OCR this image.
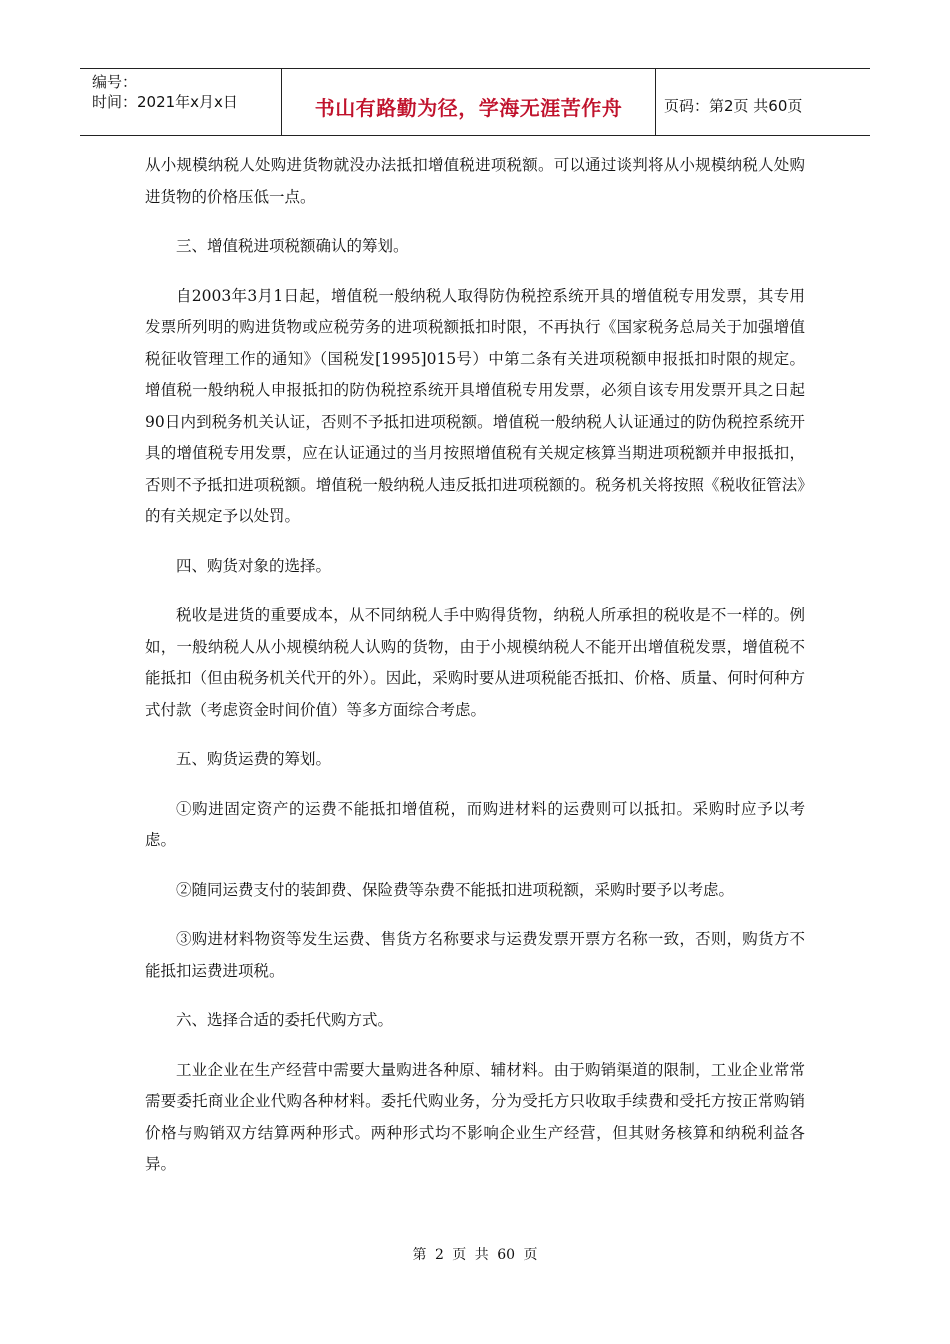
编号：
时间：2021年x月x日	书山有路勤为径，学海无涯苦作舟	页码：第2页 共60页

从小规模纳税人处购进货物就没办法抵扣增值税进项税额。可以通过谈判将从小规模纳税人处购进货物的价格压低一点。

三、增值税进项税额确认的筹划。

自2003年3月1日起，增值税一般纳税人取得防伪税控系统开具的增值税专用发票，其专用发票所列明的购进货物或应税劳务的进项税额抵扣时限，不再执行《国家税务总局关于加强增值税征收管理工作的通知》（国税发[1995]015号）中第二条有关进项税额申报抵扣时限的规定。增值税一般纳税人申报抵扣的防伪税控系统开具增值税专用发票，必须自该专用发票开具之日起90日内到税务机关认证，否则不予抵扣进项税额。增值税一般纳税人认证通过的防伪税控系统开具的增值税专用发票，应在认证通过的当月按照增值税有关规定核算当期进项税额并申报抵扣，否则不予抵扣进项税额。增值税一般纳税人违反抵扣进项税额的。税务机关将按照《税收征管法》的有关规定予以处罚。

四、购货对象的选择。

税收是进货的重要成本，从不同纳税人手中购得货物，纳税人所承担的税收是不一样的。例如，一般纳税人从小规模纳税人认购的货物，由于小规模纳税人不能开出增值税发票，增值税不能抵扣（但由税务机关代开的外）。因此，采购时要从进项税能否抵扣、价格、质量、何时何种方式付款（考虑资金时间价值）等多方面综合考虑。

五、购货运费的筹划。

①购进固定资产的运费不能抵扣增值税，而购进材料的运费则可以抵扣。采购时应予以考虑。

②随同运费支付的装卸费、保险费等杂费不能抵扣进项税额，采购时要予以考虑。

③购进材料物资等发生运费、售货方名称要求与运费发票开票方名称一致，否则，购货方不能抵扣运费进项税。

六、选择合适的委托代购方式。

工业企业在生产经营中需要大量购进各种原、辅材料。由于购销渠道的限制，工业企业常常需要委托商业企业代购各种材料。委托代购业务，分为受托方只收取手续费和受托方按正常购销价格与购销双方结算两种形式。两种形式均不影响企业生产经营，但其财务核算和纳税利益各异。

第 2 页 共 60 页
